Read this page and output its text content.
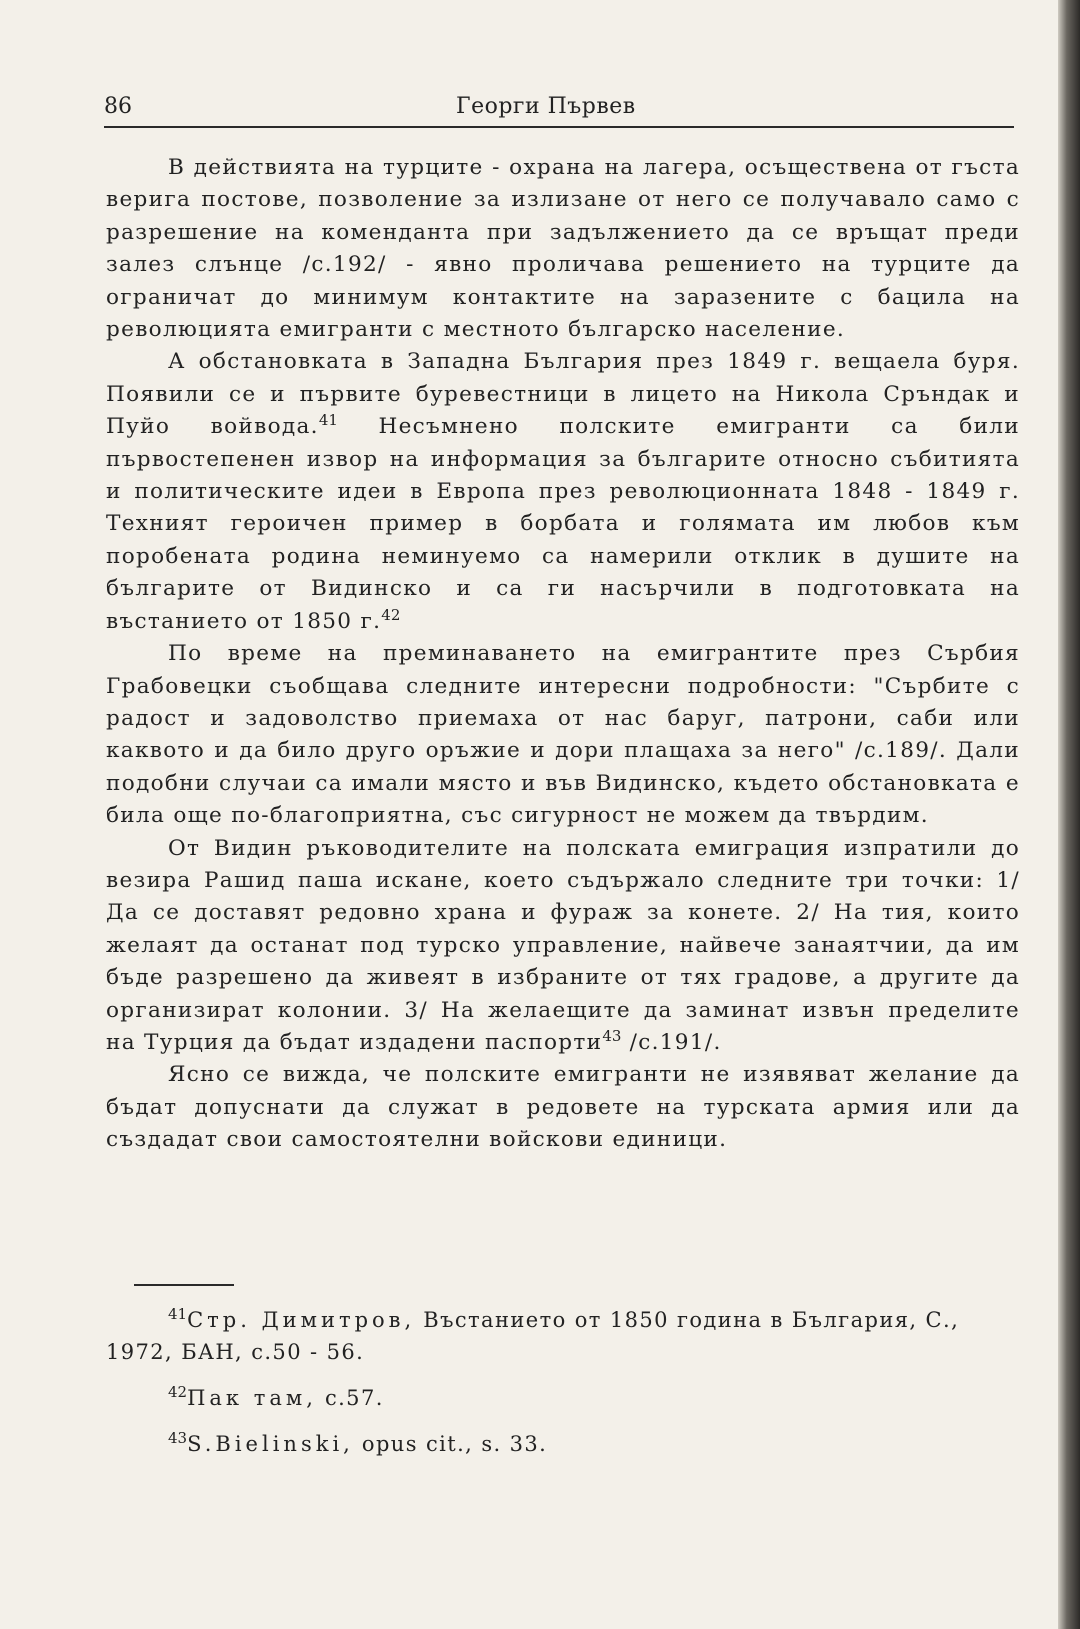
86	Георги Първев

В действията на турците - охрана на лагера, осъществена от гъста верига постове, позволение за излизане от него се получавало само с разрешение на коменданта при задължението да се връщат преди залез слънце /с.192/ - явно проличава решението на турците да ограничат до минимум контактите на заразените с бацила на революцията емигранти с местното българско население.

А обстановката в Западна България през 1849 г. вещаела буря. Появили се и първите буревестници в лицето на Никола Сръндак и Пуйо войвода.$^{41}$ Несъмнено полските емигранти са били първостепенен извор на информация за българите относно събитията и политическите идеи в Европа през революционната 1848 - 1849 г. Техният героичен пример в борбата и голямата им любов към поробената родина неминуемо са намерили отклик в душите на българите от Видинско и са ги насърчили в подготовката на въстанието от 1850 г.$^{42}$

По време на преминаването на емигрантите през Сърбия Грабовецки съобщава следните интересни подробности: "Сърбите с радост и задоволство приемаха от нас баруг, патрони, саби или каквото и да било друго оръжие и дори плащаха за него" /с.189/. Дали подобни случаи са имали място и във Видинско, където обстановката е била още по-благоприятна, със сигурност не можем да твърдим.

От Видин ръководителите на полската емиграция изпратили до везира Рашид паша искане, което съдържало следните три точки: 1/ Да се доставят редовно храна и фураж за конете. 2/ На тия, които желаят да останат под турско управление, найвече занаятчии, да им бъде разрешено да живеят в избраните от тях градове, а другите да организират колонии. 3/ На желаещите да заминат извън пределите на Турция да бъдат издадени паспорти$^{43}$ /с.191/.

Ясно се вижда, че полските емигранти не изявяват желание да бъдат допуснати да служат в редовете на турската армия или да създадат свои самостоятелни войскови единици.

$^{41}$Стр. Димитров, Въстанието от 1850 година в България, С., 1972, БАН, с.50 - 56.

$^{42}$Пак там, с.57.

$^{43}$S.Bielinski, opus cit., s. 33.
